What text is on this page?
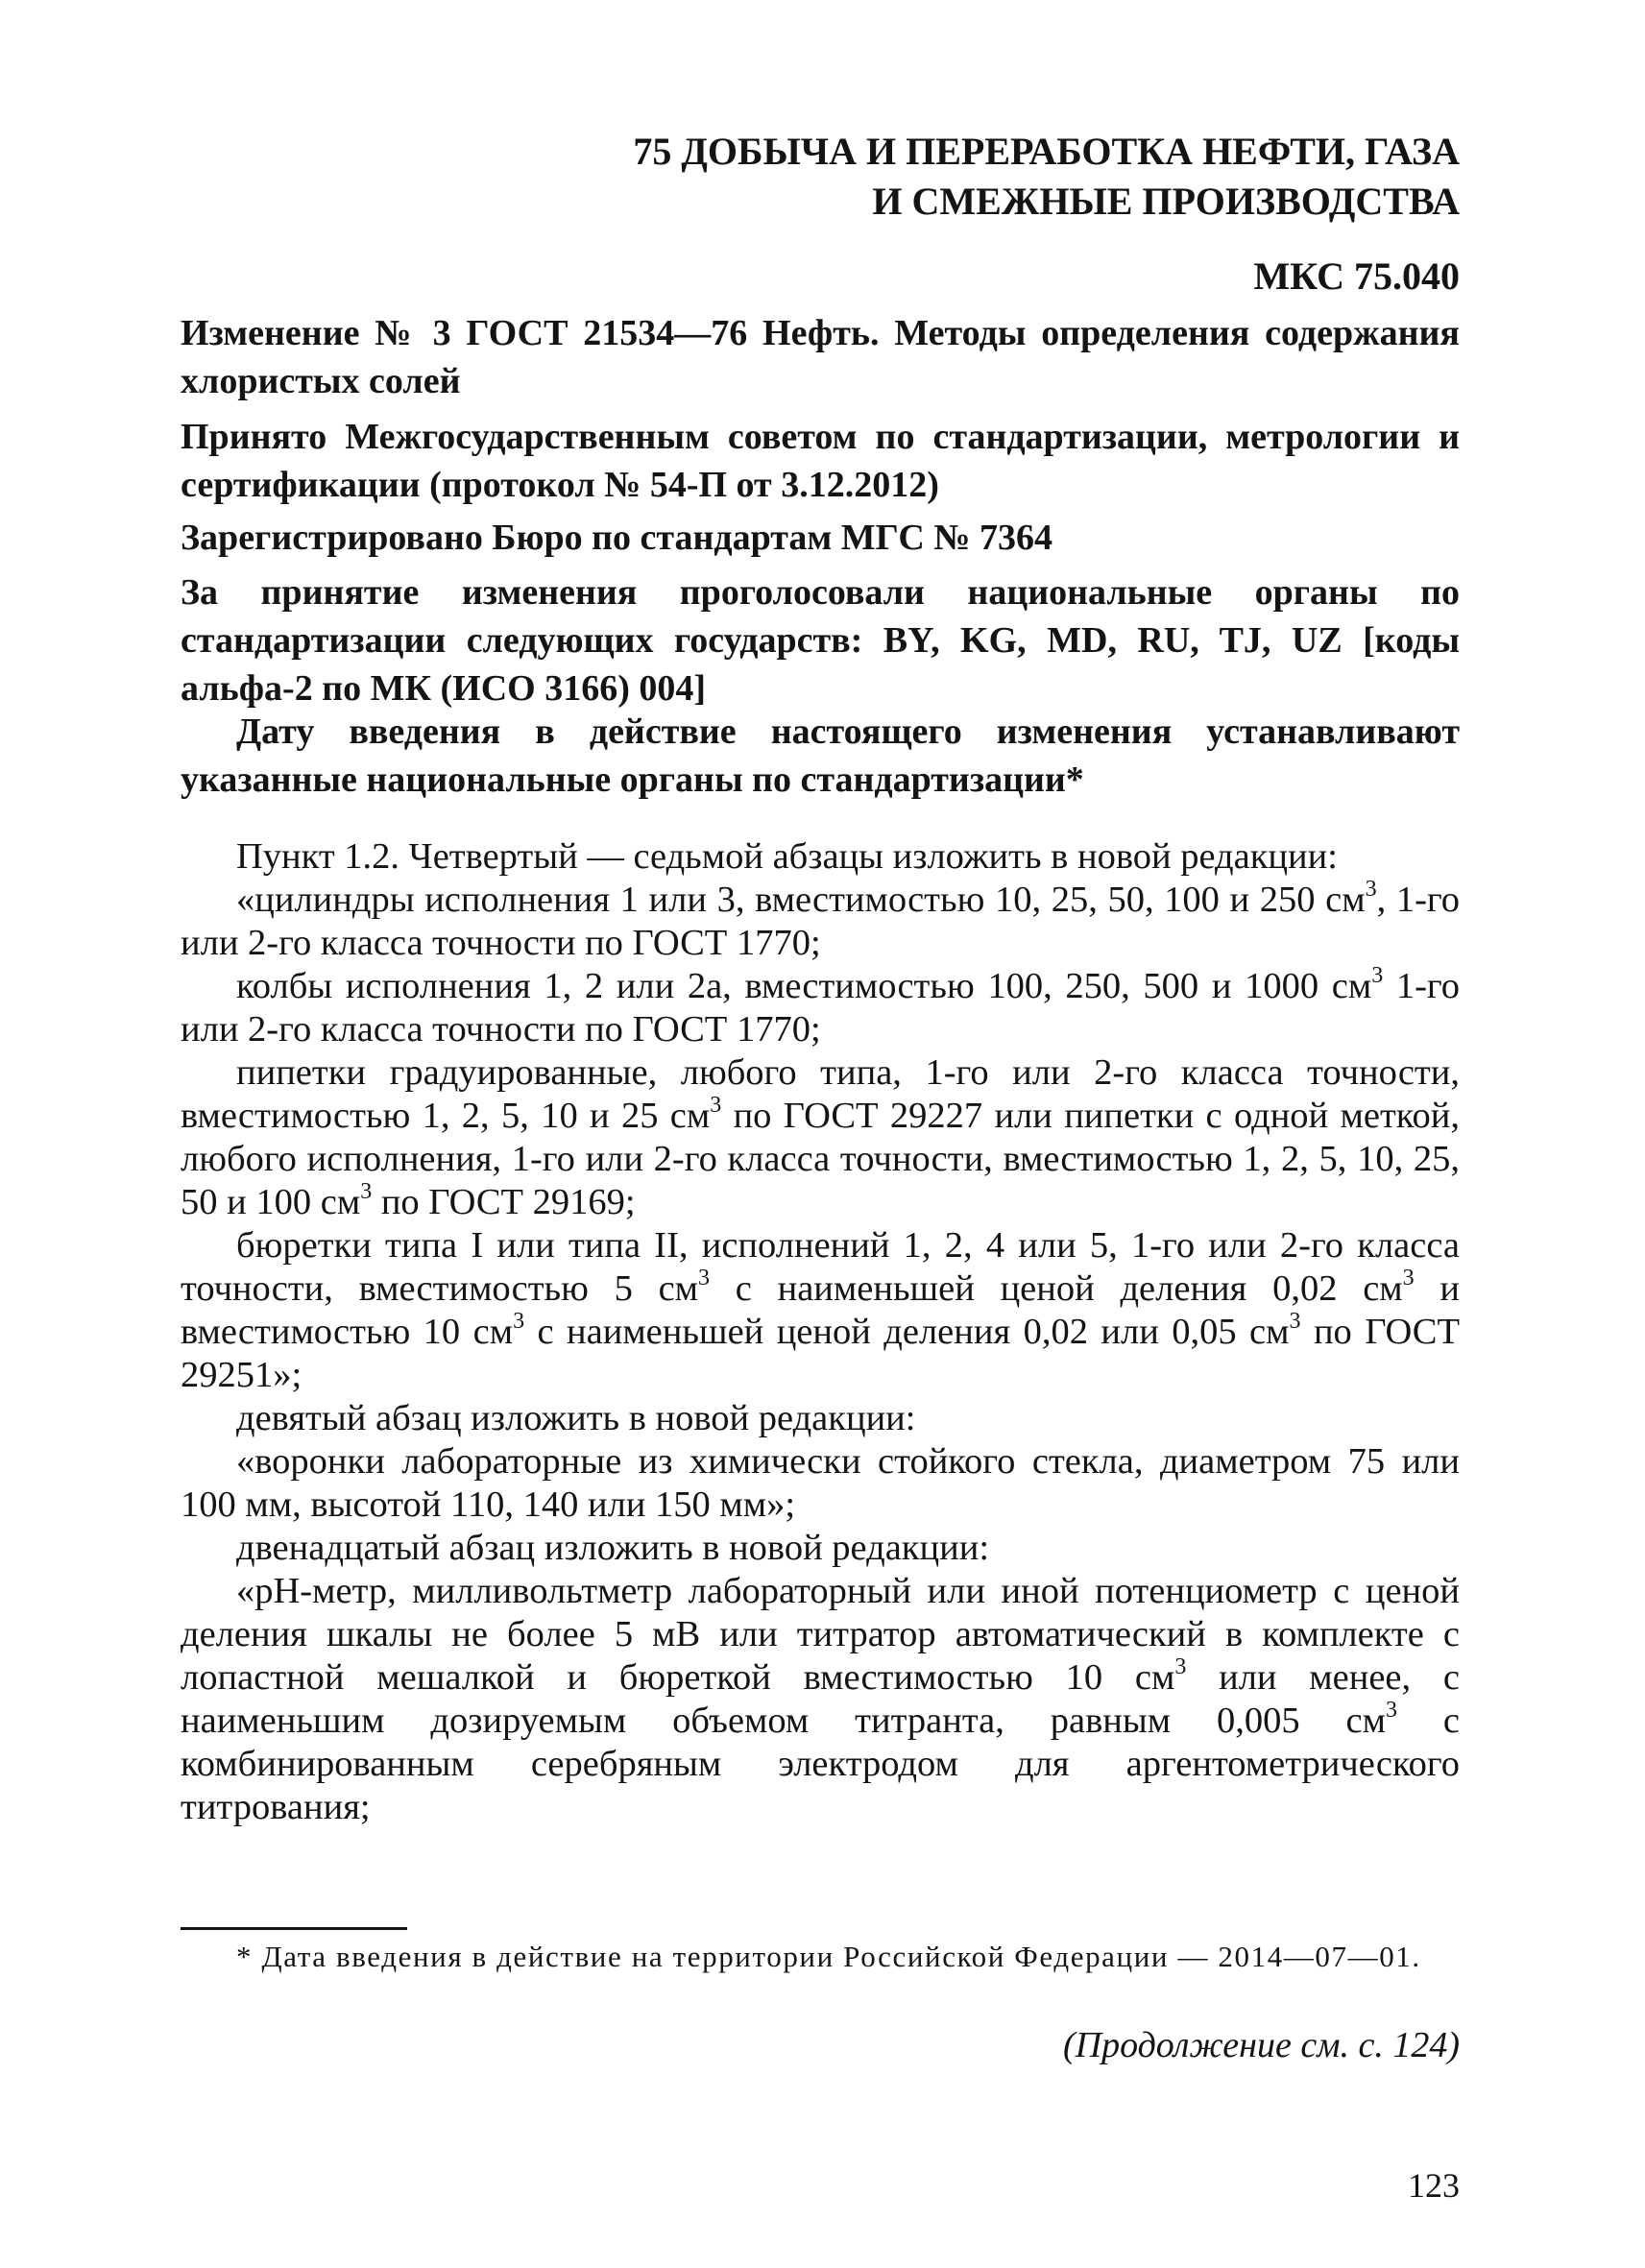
75 ДОБЫЧА И ПЕРЕРАБОТКА НЕФТИ, ГАЗА
И СМЕЖНЫЕ ПРОИЗВОДСТВА
МКС 75.040
Изменение № 3 ГОСТ 21534—76 Нефть. Методы определения содержания хлористых солей
Принято Межгосударственным советом по стандартизации, метрологии и сертификации (протокол № 54-П от 3.12.2012)
Зарегистрировано Бюро по стандартам МГС № 7364
За принятие изменения проголосовали национальные органы по стандартизации следующих государств: BY, KG, MD, RU, TJ, UZ [коды альфа-2 по МК (ИСО 3166) 004]
Дату введения в действие настоящего изменения устанавливают указанные национальные органы по стандартизации*

Пункт 1.2. Четвертый — седьмой абзацы изложить в новой редакции:

«цилиндры исполнения 1 или 3, вместимостью 10, 25, 50, 100 и 250 $см^3$, 1-го или 2-го класса точности по ГОСТ 1770;

колбы исполнения 1, 2 или 2а, вместимостью 100, 250, 500 и 1000 $см^3$ 1-го или 2-го класса точности по ГОСТ 1770;

пипетки градуированные, любого типа, 1-го или 2-го класса точности, вместимостью 1, 2, 5, 10 и 25 $см^3$ по ГОСТ 29227 или пипетки с одной меткой, любого исполнения, 1-го или 2-го класса точности, вместимостью 1, 2, 5, 10, 25, 50 и 100 $см^3$ по ГОСТ 29169;

бюретки типа I или типа II, исполнений 1, 2, 4 или 5, 1-го или 2-го класса точности, вместимостью 5 $см^3$ с наименьшей ценой деления 0,02 $см^3$ и вместимостью 10 $см^3$ с наименьшей ценой деления 0,02 или 0,05 $см^3$ по ГОСТ 29251»;

девятый абзац изложить в новой редакции:

«воронки лабораторные из химически стойкого стекла, диаметром 75 или 100 мм, высотой 110, 140 или 150 мм»;

двенадцатый абзац изложить в новой редакции:

«рН-метр, милливольтметр лабораторный или иной потенциометр с ценой деления шкалы не более 5 мВ или титратор автоматический в комплекте с лопастной мешалкой и бюреткой вместимостью 10 $см^3$ или менее, с наименьшим дозируемым объемом титранта, равным 0,005 $см^3$ с комбинированным серебряным электродом для аргентометрического титрования;

* Дата введения в действие на территории Российской Федерации — 2014—07—01.

(Продолжение см. с. 124)
123
